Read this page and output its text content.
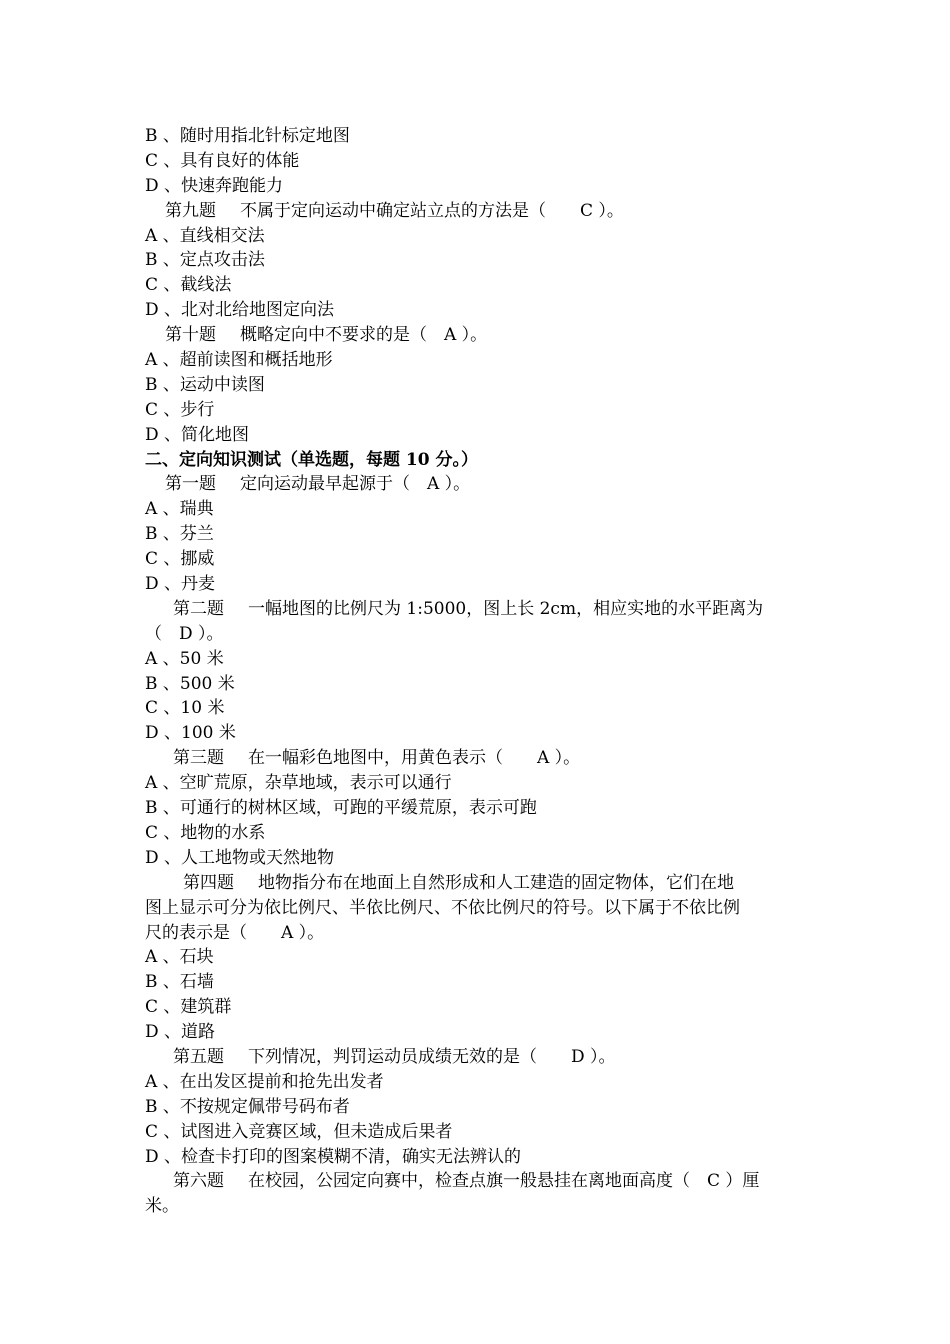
B 、随时用指北针标定地图
C 、具有良好的体能
D 、快速奔跑能力
第九题 不属于定向运动中确定站立点的方法是（　　C ）。
A 、直线相交法
B 、定点攻击法
C 、截线法
D 、北对北给地图定向法
第十题 概略定向中不要求的是（　A ）。
A 、超前读图和概括地形
B 、运动中读图
C 、步行
D 、简化地图
二、定向知识测试（单选题，每题 10 分。）
第一题 定向运动最早起源于（　A ）。
A 、瑞典
B 、芬兰
C 、挪威
D 、丹麦
第二题 一幅地图的比例尺为 1:5000，图上长 2cm，相应实地的水平距离为
（　D ）。
A 、50 米
B 、500 米
C 、10 米
D 、100 米
第三题 在一幅彩色地图中，用黄色表示（　　A ）。
A 、空旷荒原，杂草地域，表示可以通行
B 、可通行的树林区域，可跑的平缓荒原，表示可跑
C 、地物的水系
D 、人工地物或天然地物
第四题 地物指分布在地面上自然形成和人工建造的固定物体，它们在地
图上显示可分为依比例尺、半依比例尺、不依比例尺的符号。以下属于不依比例
尺的表示是（　　A ）。
A 、石块
B 、石墙
C 、建筑群
D 、道路
第五题 下列情况，判罚运动员成绩无效的是（　　D ）。
A 、在出发区提前和抢先出发者
B 、不按规定佩带号码布者
C 、试图进入竞赛区域，但未造成后果者
D 、检查卡打印的图案模糊不清，确实无法辨认的
第六题 在校园，公园定向赛中，检查点旗一般悬挂在离地面高度（　C ）厘
米。
